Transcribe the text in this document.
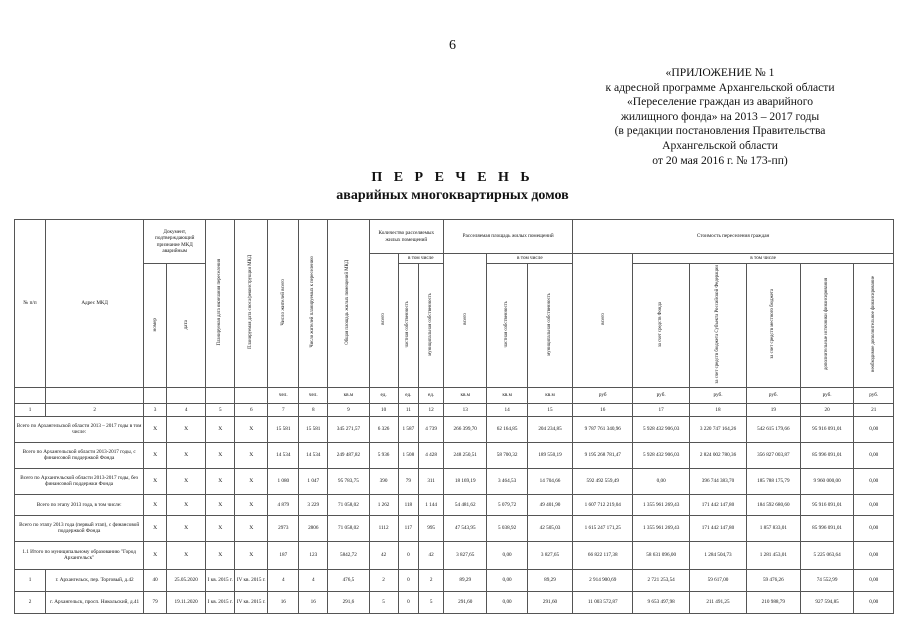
6
«ПРИЛОЖЕНИЕ № 1
к адресной программе Архангельской области
«Переселение граждан из аварийного
жилищного фонда» на 2013 – 2017 годы
(в редакции постановления Правительства
Архангельской области
от 20 мая 2016 г. № 173-пп)
П Е Р Е Ч Е Н Ь
аварийных многоквартирных домов
№ п/п	Адрес МКД	Документ, подтверждающий признание МКД аварийным		Планируемая дата окончания переселения	Планируемая дата сноса/реконструкции МКД	Число жителей всего	Число жителей планируемых к переселению	Общая площадь жилых помещений МКД	Количество расселяемых жилых помещений			Расселяемая площадь жилых помещений			Стоимость переселения граждан					
									всего	в том числе		всего	в том числе		всего	в том числе				
		номер	дата							частная собственность	муниципальная собственность		частная собственность	муниципальная собственность		за счет средств Фонда	за счет средств бюджета Субъекта Российской Федерации	за счет средств местного бюджета	дополнительные источники финансирования	необходимое дополнительное финансирование
						чел.	чел.	кв.м	ед.	ед.	ед.	кв.м	кв.м	кв.м	руб	руб.	руб.	руб.	руб.	руб.
1	2	3	4	5	6	7	8	9	10	11	12	13	14	15	16	17	18	19	20	21
Всего по Архангельской области 2013 – 2017 годы в том числе:		X	X	X	X	15 581	15 581	345 271,57	6 326	1 587	4 739	266 399,70	62 164,85	204 234,85	9 787 761 340,96	5 928 432 906,03	3 220 747 164,26	542 615 179,66	95 916 091,01	0,00
Всего по Архангельской области 2013-2017 годы, с финансовой поддержкой Фонда		X	X	X	X	14 534	14 534	249 487,82	5 936	1 508	4 428	248 250,51	58 700,32	189 550,19	9 195 268 781,47	5 928 432 906,03	2 824 002 780,36	356 827 003,87	85 996 091,01	0,00
Всего по Архангельской области 2013-2017 годы, без финансовой поддержки Фонда		X	X	X	X	1 080	1 047	95 783,75	390	79	311	18 169,19	3 464,53	14 704,66	592 492 559,49	0,00	396 744 383,70	185 788 175,79	9 960 000,00	0,00
Всего по этапу 2013 года, в том числе:		X	X	X	X	4 879	3 229	71 058,02	1 262	118	1 144	54 481,62	5 079,72	49 401,90	1 607 712 219,04	1 355 961 269,43	171 442 147,80	184 592 680,60	95 916 091,01	0,00
Всего по этапу 2013 года (первый этап), с финансовой поддержкой Фонда		X	X	X	X	2973	2806	71 058,02	1112	117	995	47 543,95	5 038,92	42 505,03	1 615 247 171,25	1 355 961 269,43	171 442 147,80	1 857 833,01	85 996 091,01	0,00
1.1 Итого по муниципальному образованию "Город Архангельск"		X	X	X	X	187	123	5842,72	42	0	42	3 827,65	0,00	3 827,65	66 822 117,38	58 631 096,00	1 284 504,73	1 281 453,01	5 225 063,64	0,00
1	г. Архангельск, пер. Торговый, д.42	40	25.05.2020	I кв. 2015 г.	IV кв. 2015 г.	4	4	476,5	2	0	2	89,29	0,00	89,29	2 914 900,69	2 721 253,54	59 617,00	59 476,26	74 552,99	0,00
2	г. Архангельск, просп. Никольский, д.41	79	19.11.2020	I кв. 2015 г.	IV кв. 2015 г.	16	16	291,6	5	0	5	291,60	0,00	291,60	11 003 572,87	9 653 497,98	211 491,25	210 988,79	927 594,85	0,00
